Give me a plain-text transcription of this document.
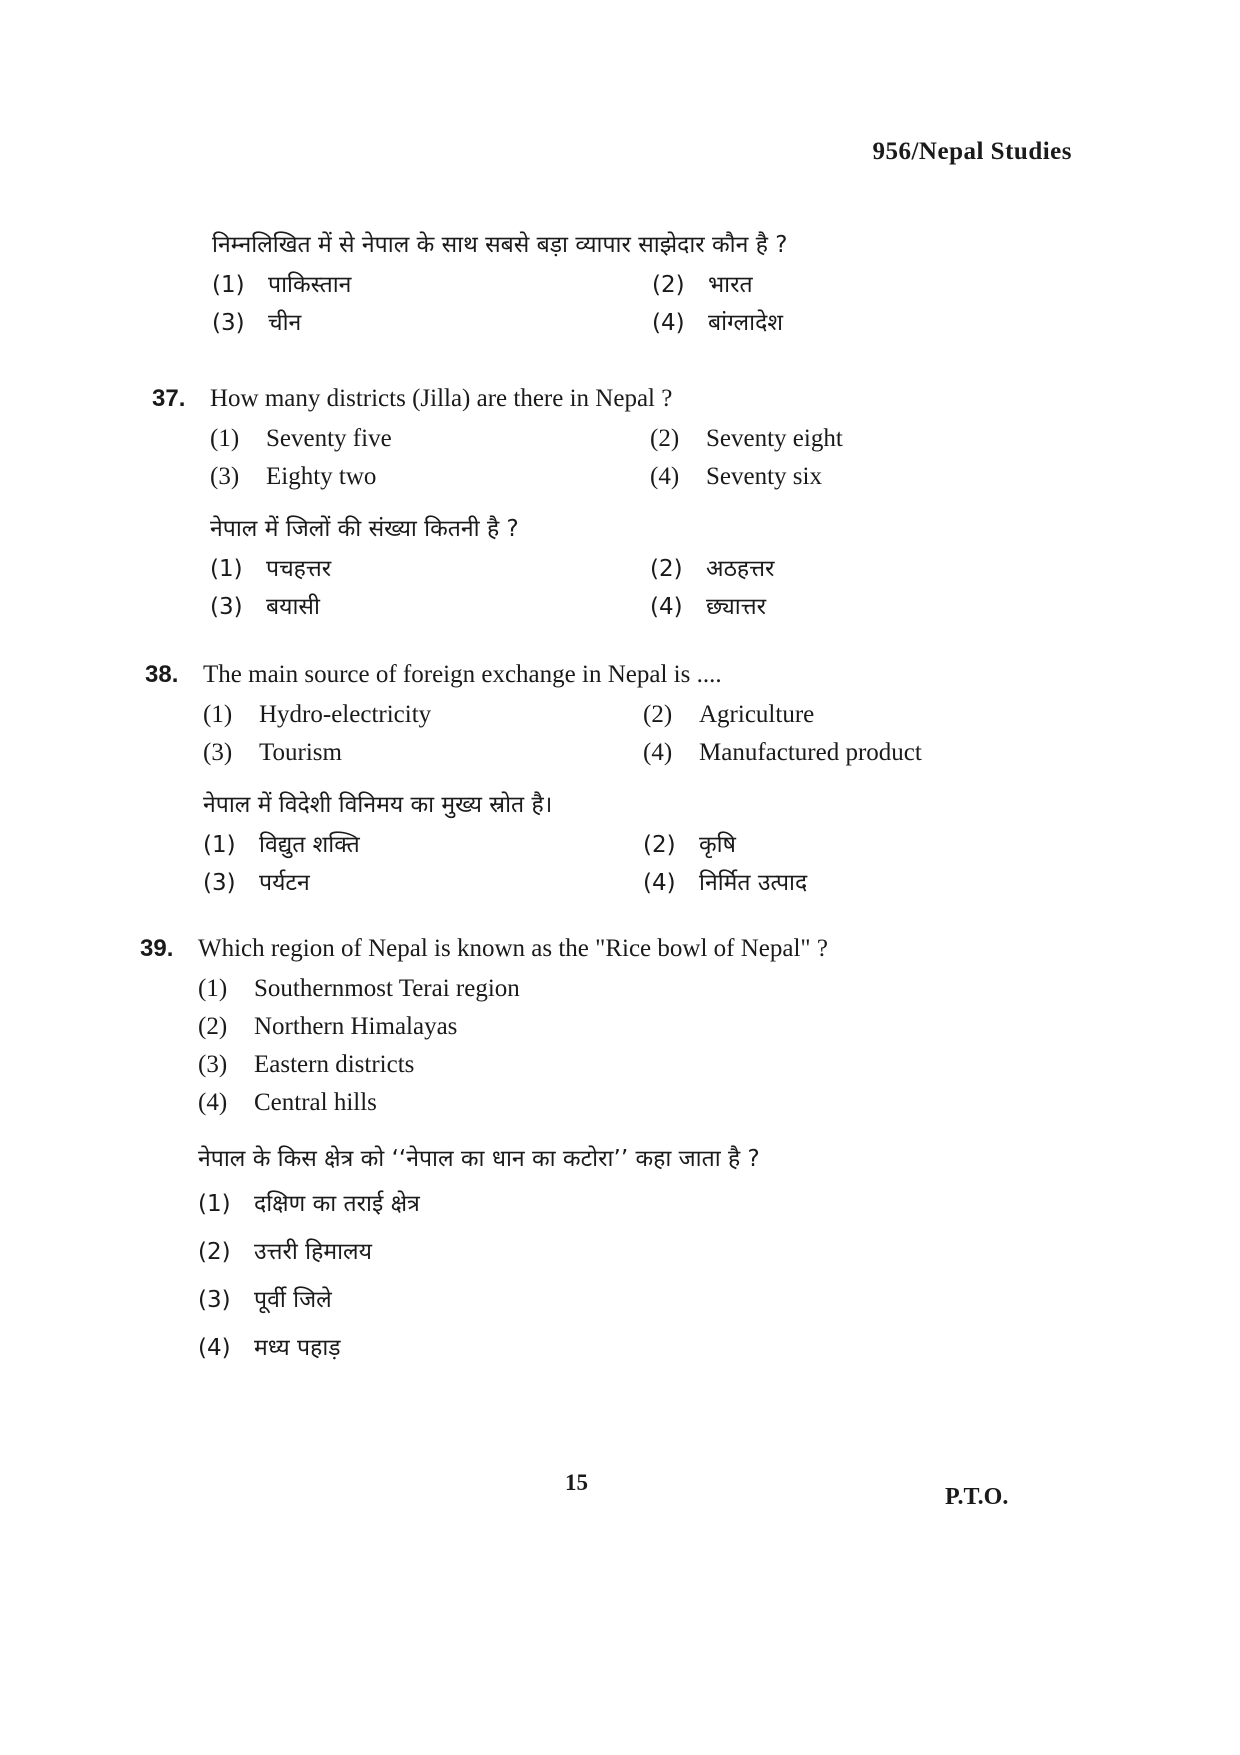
956/Nepal Studies
निम्नलिखित में से नेपाल के साथ सबसे बड़ा व्यापार साझेदार कौन है ?
(1)	पाकिस्तान	(2)	भारत
(3)	चीन	(4)	बांग्लादेश
37. How many districts (Jilla) are there in Nepal ?
(1)	Seventy five	(2)	Seventy eight
(3)	Eighty two	(4)	Seventy six
नेपाल में जिलों की संख्या कितनी है ?
(1)	पचहत्तर	(2)	अठहत्तर
(3)	बयासी	(4)	छ्यात्तर
38. The main source of foreign exchange in Nepal is ....
(1)	Hydro-electricity	(2)	Agriculture
(3)	Tourism	(4)	Manufactured product
नेपाल में विदेशी विनिमय का मुख्य स्रोत है।
(1)	विद्युत शक्ति	(2)	कृषि
(3)	पर्यटन	(4)	निर्मित उत्पाद
39. Which region of Nepal is known as the "Rice bowl of Nepal" ?
(1)	Southernmost Terai region
(2)	Northern Himalayas
(3)	Eastern districts
(4)	Central hills
नेपाल के किस क्षेत्र को ‘‘नेपाल का धान का कटोरा’’ कहा जाता है ?
(1)	दक्षिण का तराई क्षेत्र
(2)	उत्तरी हिमालय
(3)	पूर्वी जिले
(4)	मध्य पहाड़
15
P.T.O.
